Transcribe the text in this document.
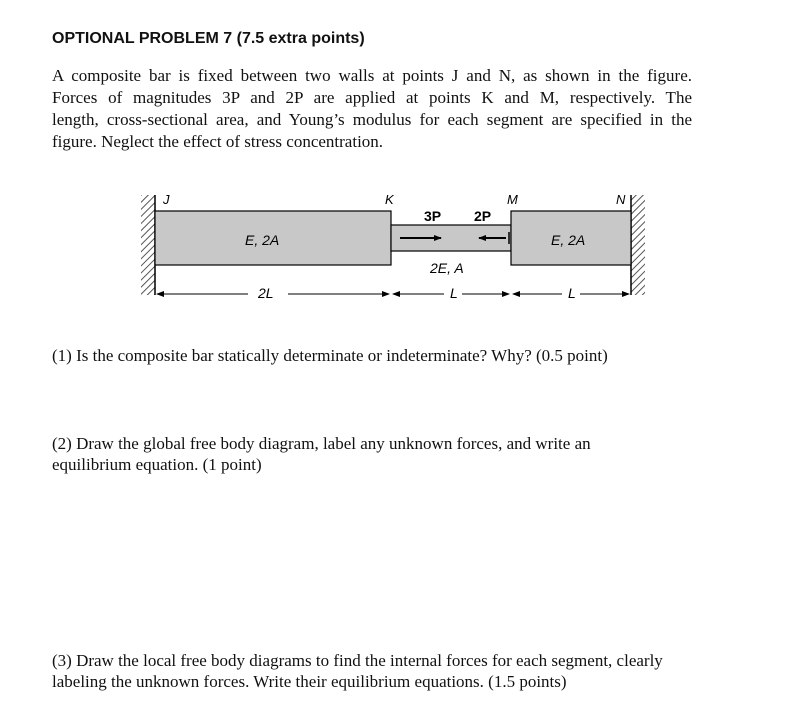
OPTIONAL PROBLEM 7 (7.5 extra points)

A composite bar is fixed between two walls at points J and N, as shown in the figure.
Forces of magnitudes 3P and 2P are applied at points K and M, respectively. The
length, cross-sectional area, and Young’s modulus for each segment are specified in the
figure. Neglect the effect of stress concentration.

J	K	M	N
3P 2P
E, 2A
2E, A
E, 2A
2L	L	L

(1) Is the composite bar statically determinate or indeterminate? Why? (0.5 point)

(2) Draw the global free body diagram, label any unknown forces, and write an equilibrium equation. (1 point)

(3) Draw the local free body diagrams to find the internal forces for each segment, clearly labeling the unknown forces. Write their equilibrium equations. (1.5 points)
